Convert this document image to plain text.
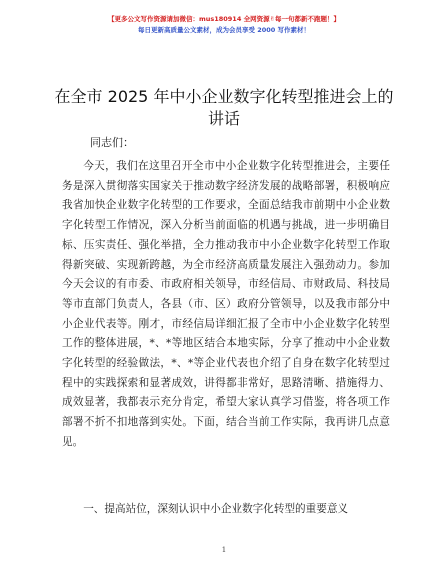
【更多公文写作资源请加微信：mus180914 全网资源✌每一句都新不跑题！】
每日更新高质量公文素材，成为会员享受 2000 写作素材！
在全市 2025 年中小企业数字化转型推进会上的讲话
同志们：

今天，我们在这里召开全市中小企业数字化转型推进会，主要任务是深入贯彻落实国家关于推动数字经济发展的战略部署，积极响应我省加快企业数字化转型的工作要求，全面总结我市前期中小企业数字化转型工作情况，深入分析当前面临的机遇与挑战，进一步明确目标、压实责任、强化举措，全力推动我市中小企业数字化转型工作取得新突破、实现新跨越，为全市经济高质量发展注入强劲动力。参加今天会议的有市委、市政府相关领导，市经信局、市财政局、科技局等市直部门负责人，各县（市、区）政府分管领导，以及我市部分中小企业代表等。刚才，市经信局详细汇报了全市中小企业数字化转型工作的整体进展，*、*等地区结合本地实际，分享了推动中小企业数字化转型的经验做法，*、*等企业代表也介绍了自身在数字化转型过程中的实践探索和显著成效，讲得都非常好，思路清晰、措施得力、成效显著，我都表示充分肯定，希望大家认真学习借鉴，将各项工作部署不折不扣地落到实处。下面，结合当前工作实际，我再讲几点意见。

一、提高站位，深刻认识中小企业数字化转型的重要意义
1
